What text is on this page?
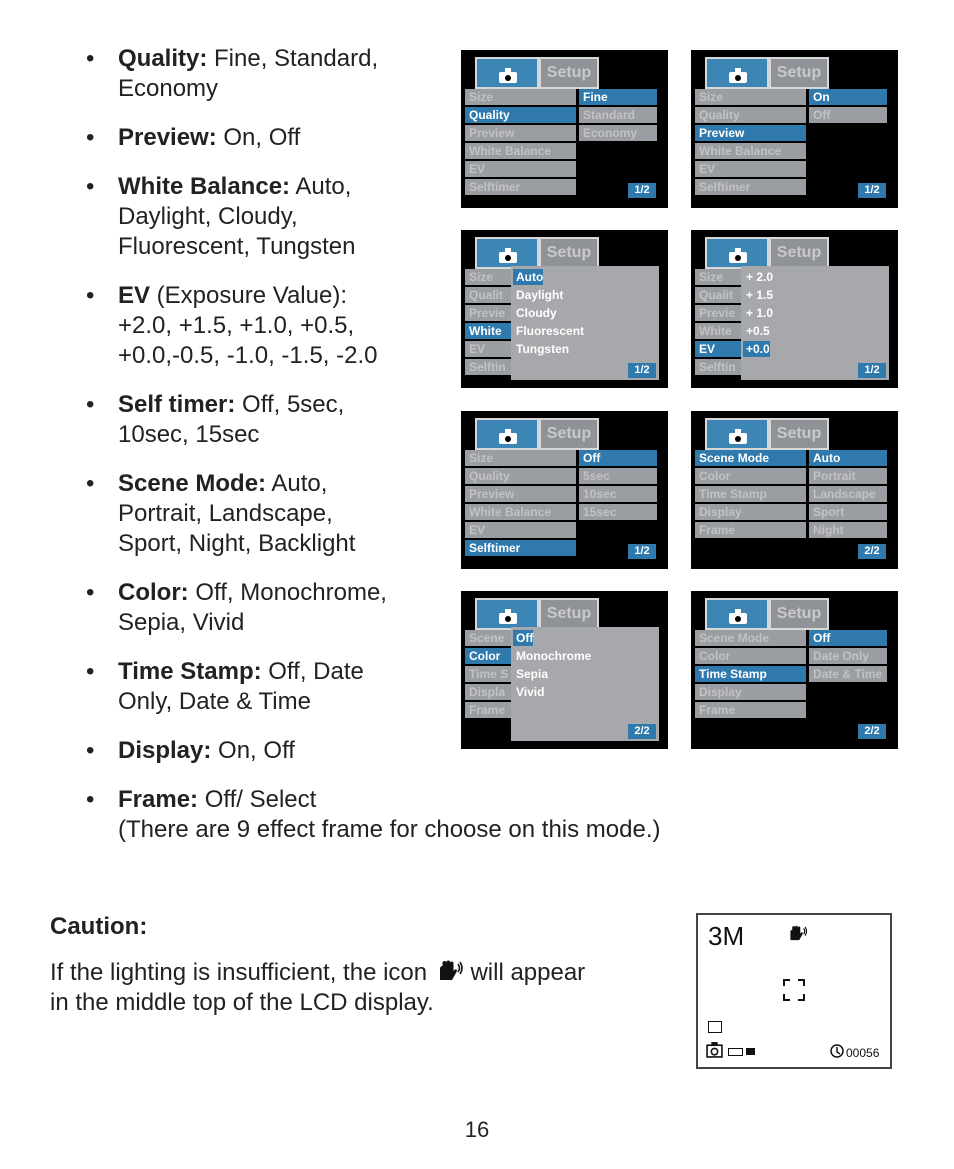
• Quality: Fine, Standard,
Economy
• Preview: On, Off
• White Balance: Auto,
Daylight, Cloudy,
Fluorescent, Tungsten
• EV (Exposure Value):
+2.0, +1.5, +1.0, +0.5,
+0.0,-0.5, -1.0, -1.5, -2.0
• Self timer: Off, 5sec,
10sec, 15sec
• Scene Mode: Auto,
Portrait, Landscape,
Sport, Night, Backlight
• Color: Off, Monochrome,
Sepia, Vivid
• Time Stamp: Off, Date
Only, Date & Time
• Display: On, Off
• Frame: Off/ Select
(There are 9 effect frame for choose on this mode.)
Setup
Size
Quality
Preview
White Balance
EV
Selftimer
Fine
Standard
Economy
1/2
Setup
Size
Quality
Preview
White Balance
EV
Selftimer
On
Off
1/2
Setup
Size
Qualit
Previe
White
EV
Selftin
Auto
Daylight
Cloudy
Fluorescent
Tungsten
1/2
Setup
Size
Qualit
Previe
White
EV
Selftin
+ 2.0
+ 1.5
+ 1.0
+0.5
+0.0
1/2
Setup
Size
Quality
Preview
White Balance
EV
Selftimer
Off
5sec
10sec
15sec
1/2
Setup
Scene Mode
Color
Time Stamp
Display
Frame
Auto
Portrait
Landscape
Sport
Night
2/2
Setup
Scene
Color
Time S
Displa
Frame
Off
Monochrome
Sepia
Vivid
2/2
Setup
Scene Mode
Color
Time Stamp
Display
Frame
Off
Date Only
Date & Time
2/2
Caution:
If the lighting is insufficient, the icon  will appear in the middle top of the LCD display.
3M
00056
16
